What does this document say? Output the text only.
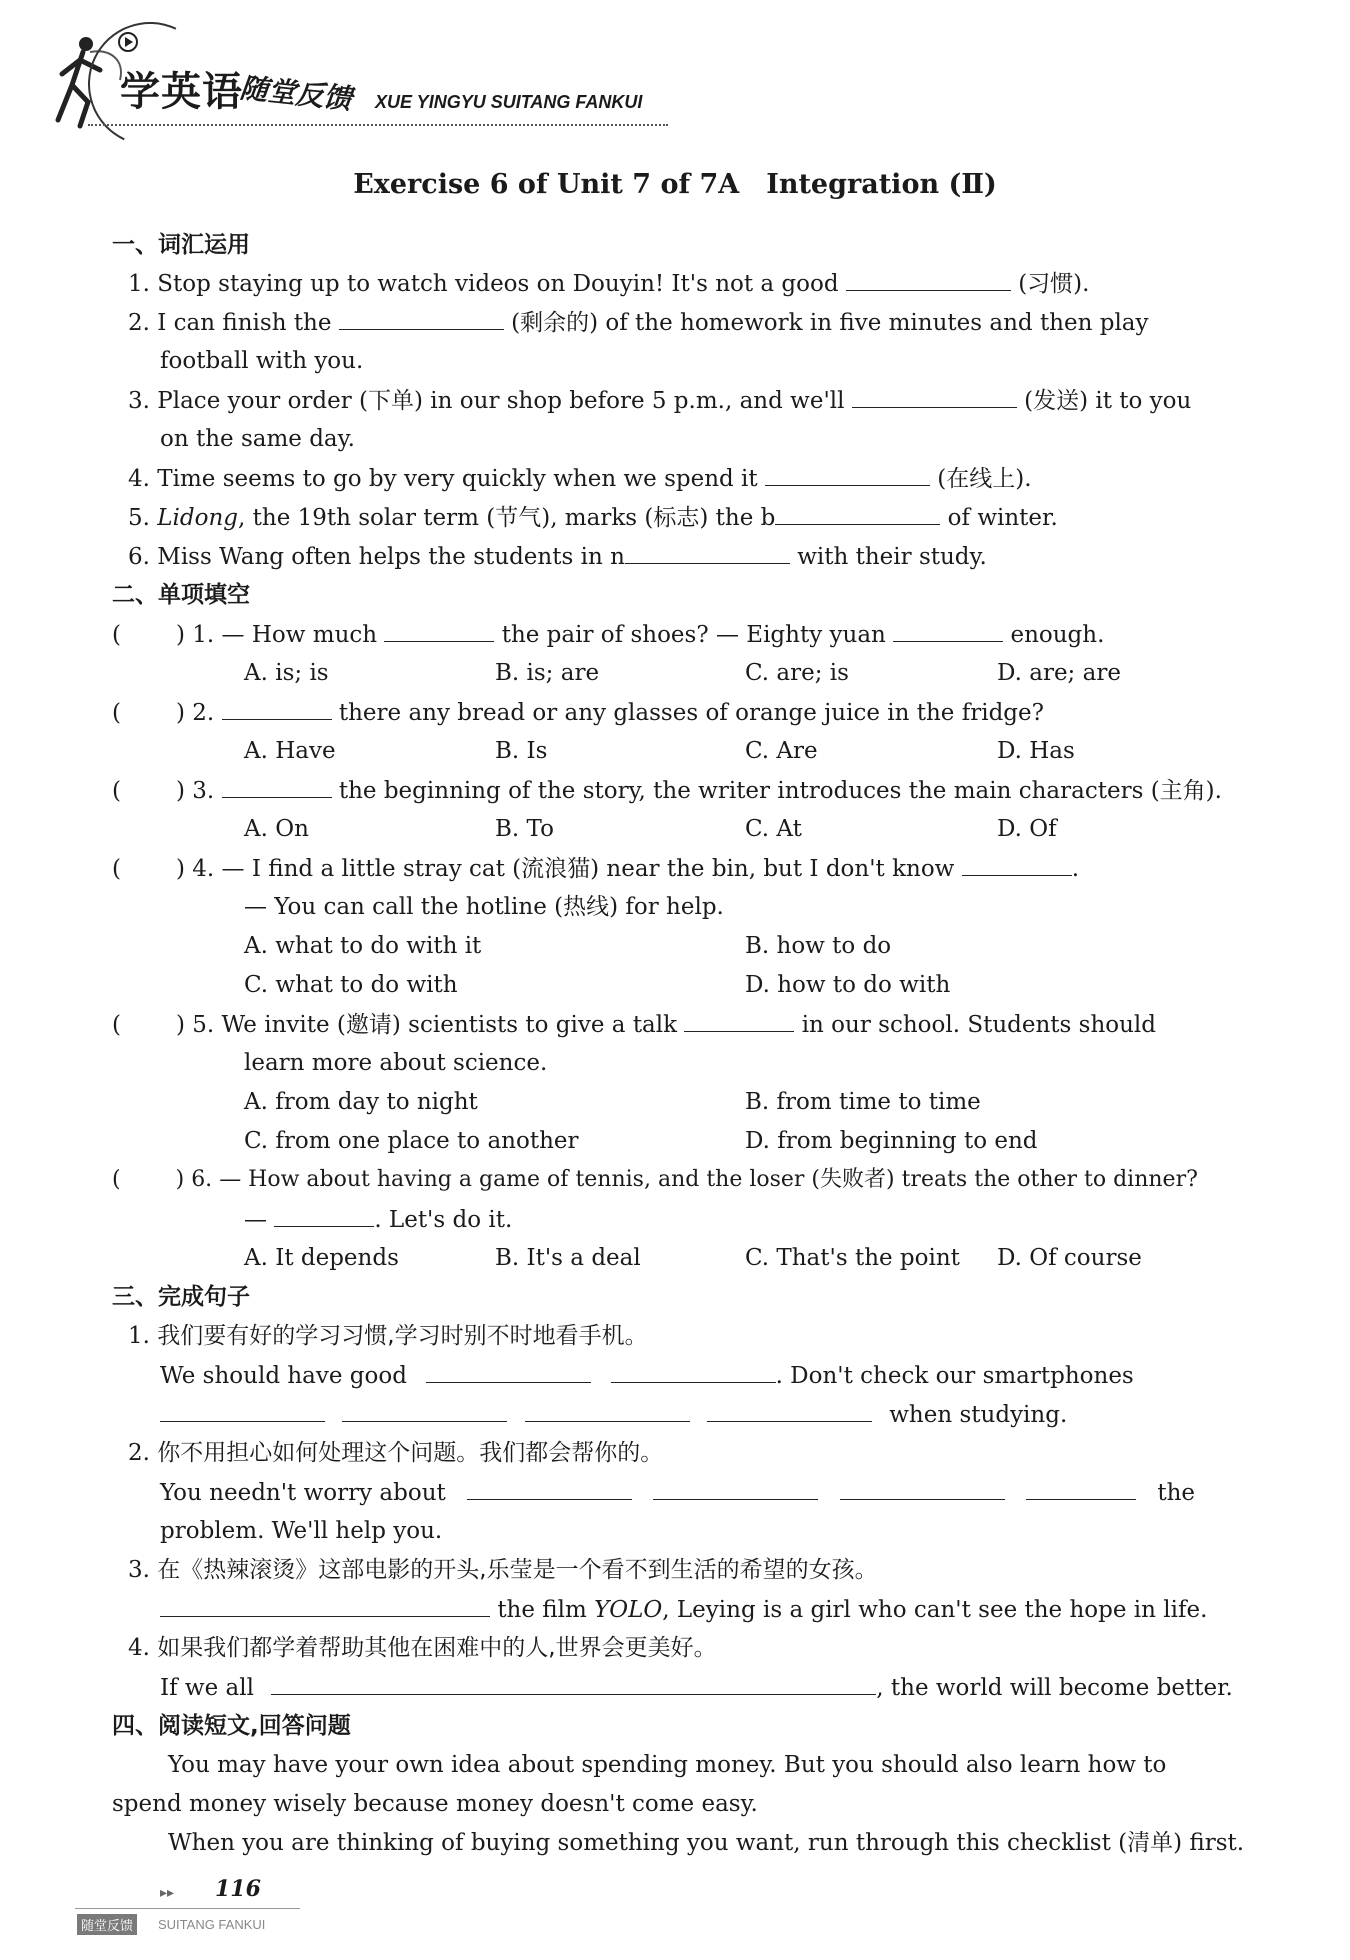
学英语
随堂反馈 XUE YINGYU SUITANG FANKUI
Exercise 6 of Unit 7 of 7A　Integration (Ⅱ)
一、词汇运用
1. Stop staying up to watch videos on Douyin! It's not a good	(习惯).
2. I can finish the	(剩余的) of the homework in five minutes and then play
football with you.
3. Place your order (下单) in our shop before 5 p.m., and we'll	(发送) it to you
on the same day.
4. Time seems to go by very quickly when we spend it	(在线上).
5. Lidong, the 19th solar term (节气), marks (标志) the b	of winter.
6. Miss Wang often helps the students in n	with their study.
二、单项填空
( ) 1. — How much	the pair of shoes? — Eighty yuan	enough.
A. is; is	B. is; are	C. are; is	D. are; are
( ) 2.	there any bread or any glasses of orange juice in the fridge?
A. Have	B. Is	C. Are	D. Has
( ) 3.	the beginning of the story, the writer introduces the main characters (主角).
A. On	B. To	C. At	D. Of
( ) 4. — I find a little stray cat (流浪猫) near the bin, but I don't know	.
— You can call the hotline (热线) for help.
A. what to do with it	B. how to do
C. what to do with	D. how to do with
( ) 5. We invite (邀请) scientists to give a talk	in our school. Students should
learn more about science.
A. from day to night	B. from time to time
C. from one place to another	D. from beginning to end
(	) 6. — How about having a game of tennis, and the loser (失败者) treats the other to dinner?
—	. Let's do it.
A. It depends	B. It's a deal	C. That's the point D. Of course
三、完成句子
1. 我们要有好的学习习惯,学习时别不时地看手机。
We should have good	. Don't check our smartphones
when studying.
2. 你不用担心如何处理这个问题。我们都会帮你的。
You needn't worry about	the
problem. We'll help you.
3. 在《热辣滚烫》这部电影的开头,乐莹是一个看不到生活的希望的女孩。
the film YOLO, Leying is a girl who can't see the hope in life.
4. 如果我们都学着帮助其他在困难中的人,世界会更美好。
If we all	, the world will become better.
四、阅读短文,回答问题
You may have your own idea about spending money. But you should also learn how to
spend money wisely because money doesn't come easy.
When you are thinking of buying something you want, run through this checklist (清单) first.
▸▸ 116
随堂反馈	SUITANG FANKUI
